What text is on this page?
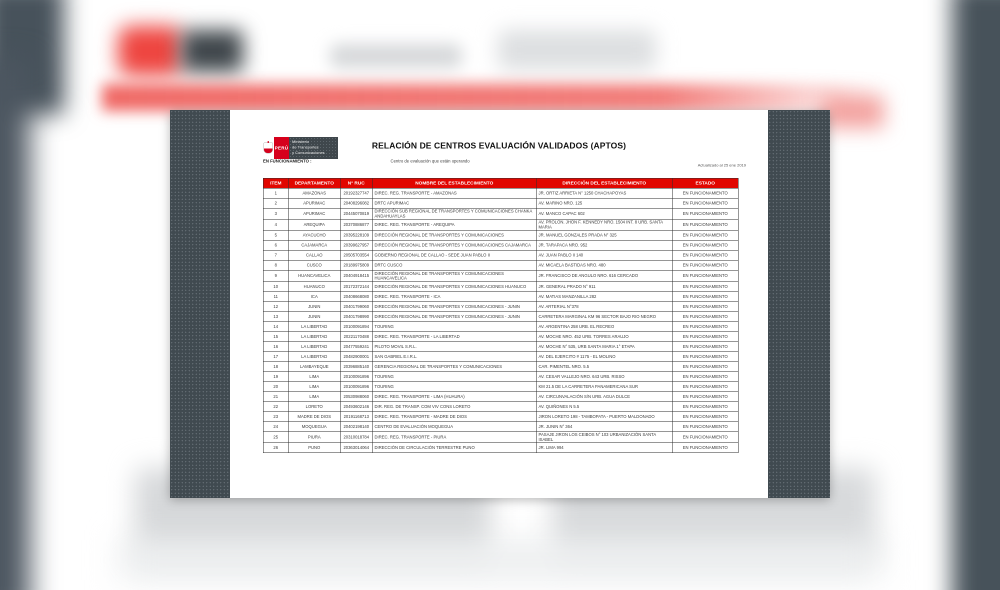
PERÚ
Ministerio
de Transportes
y Comunicaciones
RELACIÓN DE CENTROS EVALUACIÓN VALIDADOS (APTOS)
EN FUNCIONAMIENTO :	Centro de evaluación que están operando
Actualizado al 25 ene 2019
ITEM	DEPARTAMENTO	N° RUC	NOMBRE DEL ESTABLECIMIENTO	DIRECCIÓN DEL ESTABLECIMIENTO	ESTADO
1	AMAZONAS	20192327747	DIREC. REG. TRANSPORTE - AMAZONAS	JR. ORTIZ ARRIETA N° 1250 CHACHAPOYAS	EN FUNCIONAMIENTO
2	APURIMAC	20408296082	DRTC APURIMAC	AV. MARINO NRO. 125	EN FUNCIONAMIENTO
3	APURIMAC	20445070819	DIRECCIÓN SUB REGIONAL DE TRANSPORTES Y COMUNICACIONES CHANKA ANDAHUAYLAS	AV. MANCO CAPAC 602	EN FUNCIONAMIENTO
4	AREQUIPA	20370886877	DIREC. REG. TRANSPORTE - AREQUIPA	AV. PROLON. JHON F. KENNEDY NRO. 1504 INT. 8 URB. SANTA MARIA	EN FUNCIONAMIENTO
5	AYACUCHO	20395228109	DIRECCIÓN REGIONAL DE TRANSPORTES Y COMUNICACIONES	JR. MANUEL GONZALES PRADA N° 325	EN FUNCIONAMIENTO
6	CAJAMARCA	20399627957	DIRECCIÓN REGIONAL DE TRANSPORTES Y COMUNICACIONES CAJAMARCA	JR. TARAPACA NRO. 952	EN FUNCIONAMIENTO
7	CALLAO	20505703554	GOBIERNO REGIONAL DE CALLAO - SEDE JUAN PABLO II	AV. JUAN PABLO II 140	EN FUNCIONAMIENTO
8	CUSCO	20189975809	DRTC CUSCO	AV. MICAELA BASTIDAS NRO. 480	EN FUNCIONAMIENTO
9	HUANCAVELICA	20404918415	DIRECCIÓN REGIONAL DE TRANSPORTES Y COMUNICACIONES HUANCAVELICA	JR. FRANCISCO DE ANGULO NRO. 616 CERCADO	EN FUNCIONAMIENTO
10	HUANUCO	20172372144	DIRECCIÓN REGIONAL DE TRANSPORTES Y COMUNICACIONES HUANUCO	JR. GENERAL PRADO N° 911	EN FUNCIONAMIENTO
11	ICA	20408668080	DIREC. REG. TRANSPORTE - ICA	AV. MATIAS MANZANILLA 282	EN FUNCIONAMIENTO
12	JUNIN	20401799060	DIRECCIÓN REGIONAL DE TRANSPORTES Y COMUNICACIONES - JUNIN	AV. ARTERIAL N°378	EN FUNCIONAMIENTO
13	JUNIN	20401798990	DIRECCIÓN REGIONAL DE TRANSPORTES Y COMUNICACIONES - JUNIN	CARRETERA MARGINAL KM 96 SECTOR BAJO RIO NEGRO	EN FUNCIONAMIENTO
14	LA LIBERTAD	20100091894	TOURING	AV. ARGENTINA 258 URB. EL RECREO	EN FUNCIONAMIENTO
15	LA LIBERTAD	20221170488	DIREC. REG. TRANSPORTE - LA LIBERTAD	AV. MOCHE NRO. 452 URB. TORRES ARAUJO	EN FUNCIONAMIENTO
16	LA LIBERTAD	20477559241	PILOTO MOVIL S.R.L.	AV. MOCHE N° 535, URB SANTA MARIA 1° ETAPA	EN FUNCIONAMIENTO
17	LA LIBERTAD	20482900001	SAN GABRIEL E.I.R.L.	AV. DEL EJERCITO # 1175 - EL MOLINO	EN FUNCIONAMIENTO
18	LAMBAYEQUE	20396885140	GERENCIA REGIONAL DE TRANSPORTES Y COMUNICACIONES	CAR. PIMENTEL NRO. 5.5	EN FUNCIONAMIENTO
19	LIMA	20100091896	TOURING	AV. CESAR VALLEJO NRO. 643 URB. RISSO	EN FUNCIONAMIENTO
20	LIMA	20100091896	TOURING	KM 21.5 DE LA CARRETERA PANAMERICANA SUR	EN FUNCIONAMIENTO
21	LIMA	20530988060	DIREC. REG. TRANSPORTE - LIMA (HUAURA)	AV. CIRCUNVALACIÓN S/N URB. AGUA DULCE	EN FUNCIONAMIENTO
22	LORETO	20493602146	DIR. REG. DE TRANSP. COM VIV CONS LORETO	AV. QUIÑONES N 5.5	EN FUNCIONAMIENTO
23	MADRE DE DIOS	20191168713	DIREC. REG. TRANSPORTE - MADRE DE DIOS	JIRON LORETO 198 - TAMBOPATA - PUERTO MALDONADO	EN FUNCIONAMIENTO
24	MOQUEGUA	20402198140	CENTRO DE EVALUACIÓN MOQUEGUA	JR. JUNIN N° 364	EN FUNCIONAMIENTO
25	PIURA	20310018784	DIREC. REG. TRANSPORTE - PIURA	PASAJE JIRON LOS CEIBOS N° 103 URBANIZACIÓN SANTA ISABEL	EN FUNCIONAMIENTO
26	PUNO	20363014064	DIRECCIÓN DE CIRCULACIÓN TERRESTRE PUNO	JR. LIMA 994	EN FUNCIONAMIENTO
